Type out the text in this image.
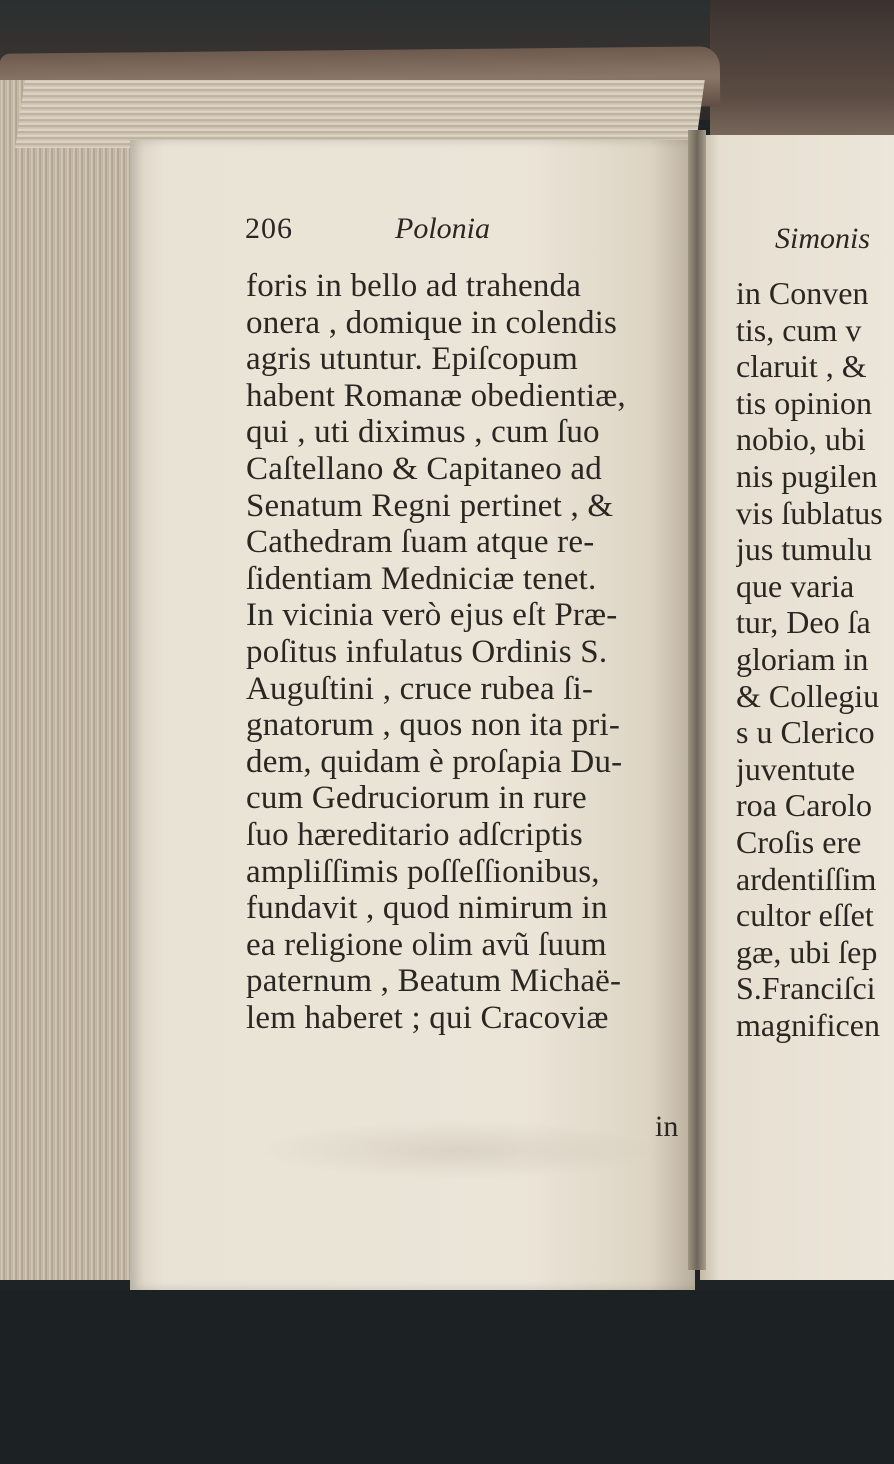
206	Polonia
foris in bello ad trahenda
onera , domique in colendis
agris utuntur. Epiſcopum
habent Romanæ obedientiæ,
qui , uti diximus , cum ſuo
Caſtellano & Capitaneo ad
Senatum Regni pertinet , &
Cathedram ſuam atque re-
ſidentiam Medniciæ tenet.
In vicinia verò ejus eſt Præ-
poſitus infulatus Ordinis S.
Auguſtini , cruce rubea ſi-
gnatorum , quos non ita pri-
dem, quidam è proſapia Du-
cum Gedruciorum in rure
ſuo hæreditario adſcriptis
ampliſſimis poſſeſſionibus,
fundavit , quod nimirum in
ea religione olim avũ ſuum
paternum , Beatum Michaë-
lem haberet ; qui Cracoviæ
in
Simonis
in Conven
tis, cum v
claruit , &
tis opinion
nobio, ubi
nis pugilen
vis ſublatus
jus tumulu
que varia
tur, Deo ſa
gloriam in
& Collegiu
s u Clerico
juventute
roa Carolo
Croſis ere
ardentiſſim
cultor eſſet
gæ, ubi ſep
S.Franciſci
magnificen
